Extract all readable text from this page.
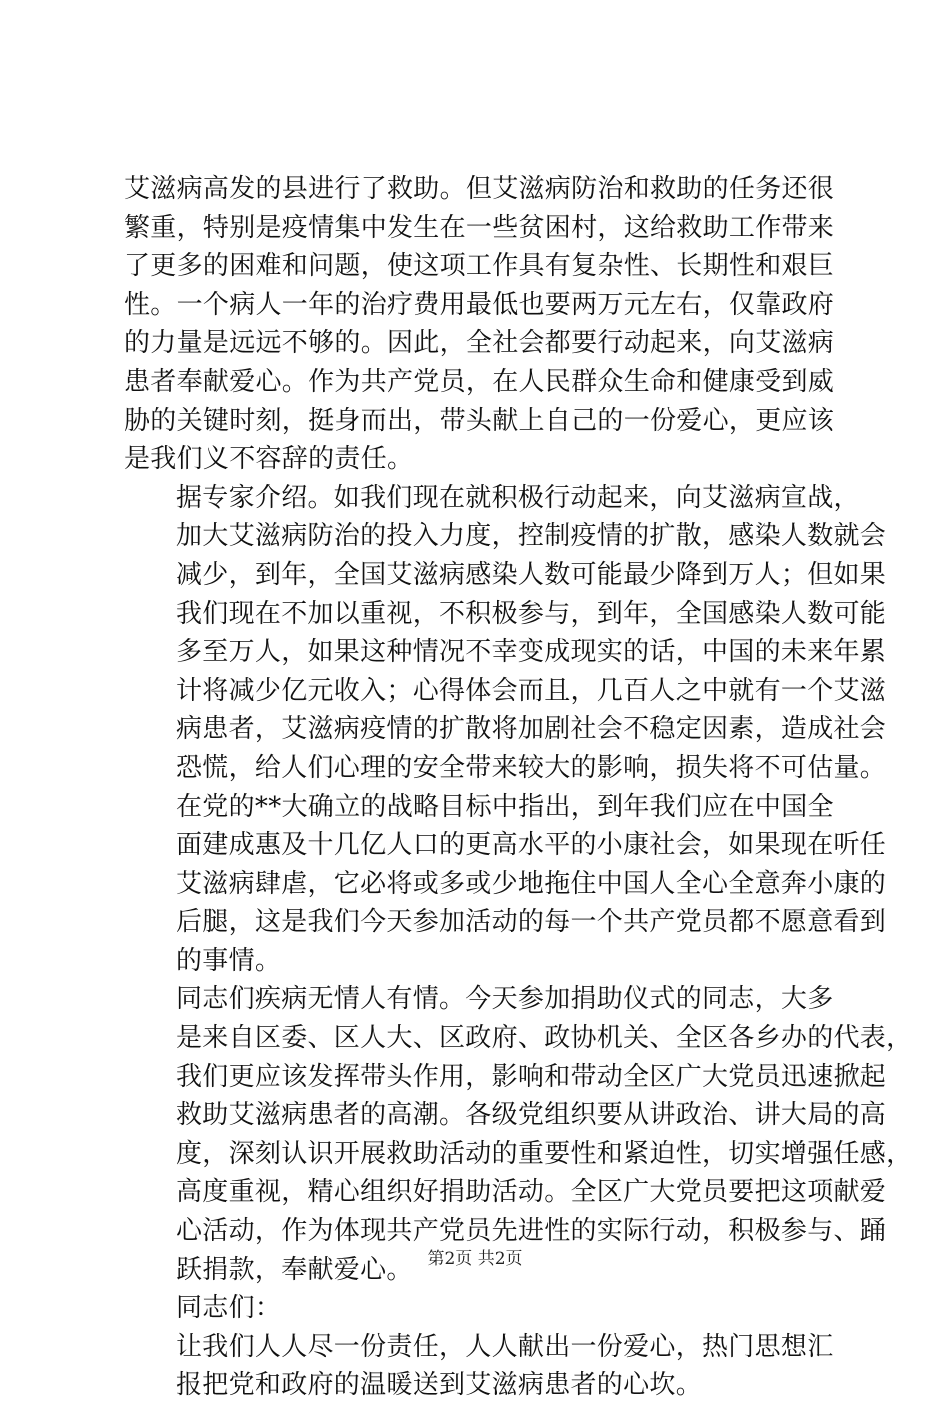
艾滋病高发的县进行了救助。但艾滋病防治和救助的任务还很
繁重，特别是疫情集中发生在一些贫困村，这给救助工作带来
了更多的困难和问题，使这项工作具有复杂性、长期性和艰巨
性。一个病人一年的治疗费用最低也要两万元左右，仅靠政府
的力量是远远不够的。因此，全社会都要行动起来，向艾滋病
患者奉献爱心。作为共产党员，在人民群众生命和健康受到威
胁的关键时刻，挺身而出，带头献上自己的一份爱心，更应该
是我们义不容辞的责任。

据专家介绍。如我们现在就积极行动起来，向艾滋病宣战，
加大艾滋病防治的投入力度，控制疫情的扩散，感染人数就会
减少，到年，全国艾滋病感染人数可能最少降到万人；但如果
我们现在不加以重视，不积极参与，到年，全国感染人数可能
多至万人，如果这种情况不幸变成现实的话，中国的未来年累
计将减少亿元收入；心得体会而且，几百人之中就有一个艾滋
病患者，艾滋病疫情的扩散将加剧社会不稳定因素，造成社会
恐慌，给人们心理的安全带来较大的影响，损失将不可估量。

在党的**大确立的战略目标中指出，到年我们应在中国全
面建成惠及十几亿人口的更高水平的小康社会，如果现在听任
艾滋病肆虐，它必将或多或少地拖住中国人全心全意奔小康的
后腿，这是我们今天参加活动的每一个共产党员都不愿意看到
的事情。

同志们疾病无情人有情。今天参加捐助仪式的同志，大多
是来自区委、区人大、区政府、政协机关、全区各乡办的代表，
我们更应该发挥带头作用，影响和带动全区广大党员迅速掀起
救助艾滋病患者的高潮。各级党组织要从讲政治、讲大局的高
度，深刻认识开展救助活动的重要性和紧迫性，切实增强任感，
高度重视，精心组织好捐助活动。全区广大党员要把这项献爱
心活动，作为体现共产党员先进性的实际行动，积极参与、踊
跃捐款，奉献爱心。

同志们：

让我们人人尽一份责任，人人献出一份爱心，热门思想汇
报把党和政府的温暖送到艾滋病患者的心坎。

第2页 共2页
